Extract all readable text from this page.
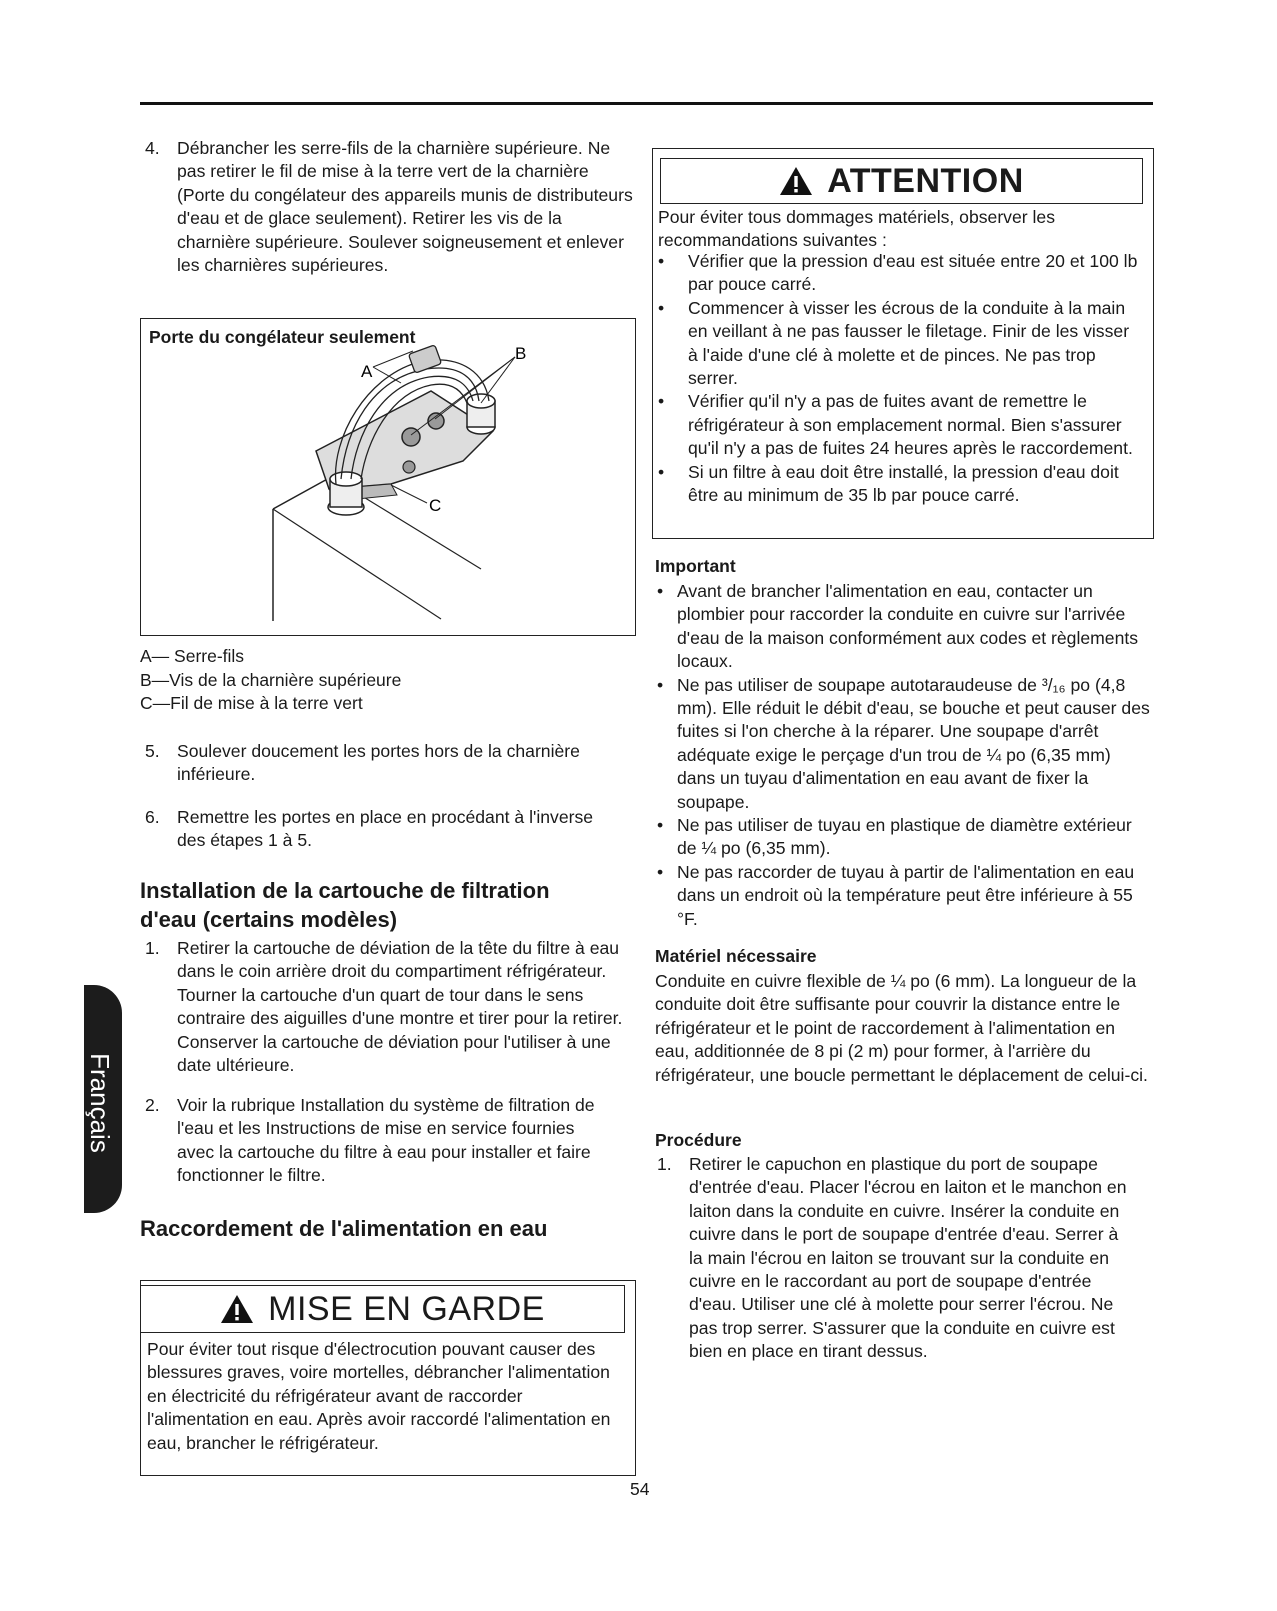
4. Débrancher les serre-fils de la charnière supérieure. Ne pas retirer le fil de mise à la terre vert de la charnière (Porte du congélateur des appareils munis de distributeurs d'eau et de glace seulement). Retirer les vis de la charnière supérieure. Soulever soigneusement et enlever les charnières supérieures.
Porte du congélateur seulement
A
B
C
A— Serre-fils
B—Vis de la charnière supérieure
C—Fil de mise à la terre vert
5. Soulever doucement les portes hors de la charnière inférieure.
6. Remettre les portes en place en procédant à l'inverse des étapes 1 à 5.
Installation de la cartouche de filtration d'eau (certains modèles)
1. Retirer la cartouche de déviation de la tête du filtre à eau dans le coin arrière droit du compartiment réfrigérateur. Tourner la cartouche d'un quart de tour dans le sens contraire des aiguilles d'une montre et tirer pour la retirer. Conserver la cartouche de déviation pour l'utiliser à une date ultérieure.
2. Voir la rubrique Installation du système de filtration de l'eau et les Instructions de mise en service fournies avec la cartouche du filtre à eau pour installer et faire fonctionner le filtre.
Raccordement de l'alimentation en eau
MISE EN GARDE
Pour éviter tout risque d'électrocution pouvant causer des blessures graves, voire mortelles, débrancher l'alimentation en électricité du réfrigérateur avant de raccorder l'alimentation en eau. Après avoir raccordé l'alimentation en eau, brancher le réfrigérateur.
ATTENTION
Pour éviter tous dommages matériels, observer les recommandations suivantes :
• Vérifier que la pression d'eau est située entre 20 et 100 lb par pouce carré.
• Commencer à visser les écrous de la conduite à la main en veillant à ne pas fausser le filetage. Finir de les visser à l'aide d'une clé à molette et de pinces. Ne pas trop serrer.
• Vérifier qu'il n'y a pas de fuites avant de remettre le réfrigérateur à son emplacement normal. Bien s'assurer qu'il n'y a pas de fuites 24 heures après le raccordement.
• Si un filtre à eau doit être installé, la pression d'eau doit être au minimum de 35 lb par pouce carré.
Important
• Avant de brancher l'alimentation en eau, contacter un plombier pour raccorder la conduite en cuivre sur l'arrivée d'eau de la maison conformément aux codes et règlements locaux.
• Ne pas utiliser de soupape autotaraudeuse de ³/₁₆ po (4,8 mm). Elle réduit le débit d'eau, se bouche et peut causer des fuites si l'on cherche à la réparer. Une soupape d'arrêt adéquate exige le perçage d'un trou de ¼ po (6,35 mm) dans un tuyau d'alimentation en eau avant de fixer la soupape.
• Ne pas utiliser de tuyau en plastique de diamètre extérieur de ¼ po (6,35 mm).
• Ne pas raccorder de tuyau à partir de l'alimentation en eau dans un endroit où la température peut être inférieure à 55 °F.
Matériel nécessaire
Conduite en cuivre flexible de ¼ po (6 mm). La longueur de la conduite doit être suffisante pour couvrir la distance entre le réfrigérateur et le point de raccordement à l'alimentation en eau, additionnée de 8 pi (2 m) pour former, à l'arrière du réfrigérateur, une boucle permettant le déplacement de celui-ci.
Procédure
1. Retirer le capuchon en plastique du port de soupape d'entrée d'eau. Placer l'écrou en laiton et le manchon en laiton dans la conduite en cuivre. Insérer la conduite en cuivre dans le port de soupape d'entrée d'eau. Serrer à la main l'écrou en laiton se trouvant sur la conduite en cuivre en le raccordant au port de soupape d'entrée d'eau. Utiliser une clé à molette pour serrer l'écrou. Ne pas trop serrer. S'assurer que la conduite en cuivre est bien en place en tirant dessus.
Français
54
